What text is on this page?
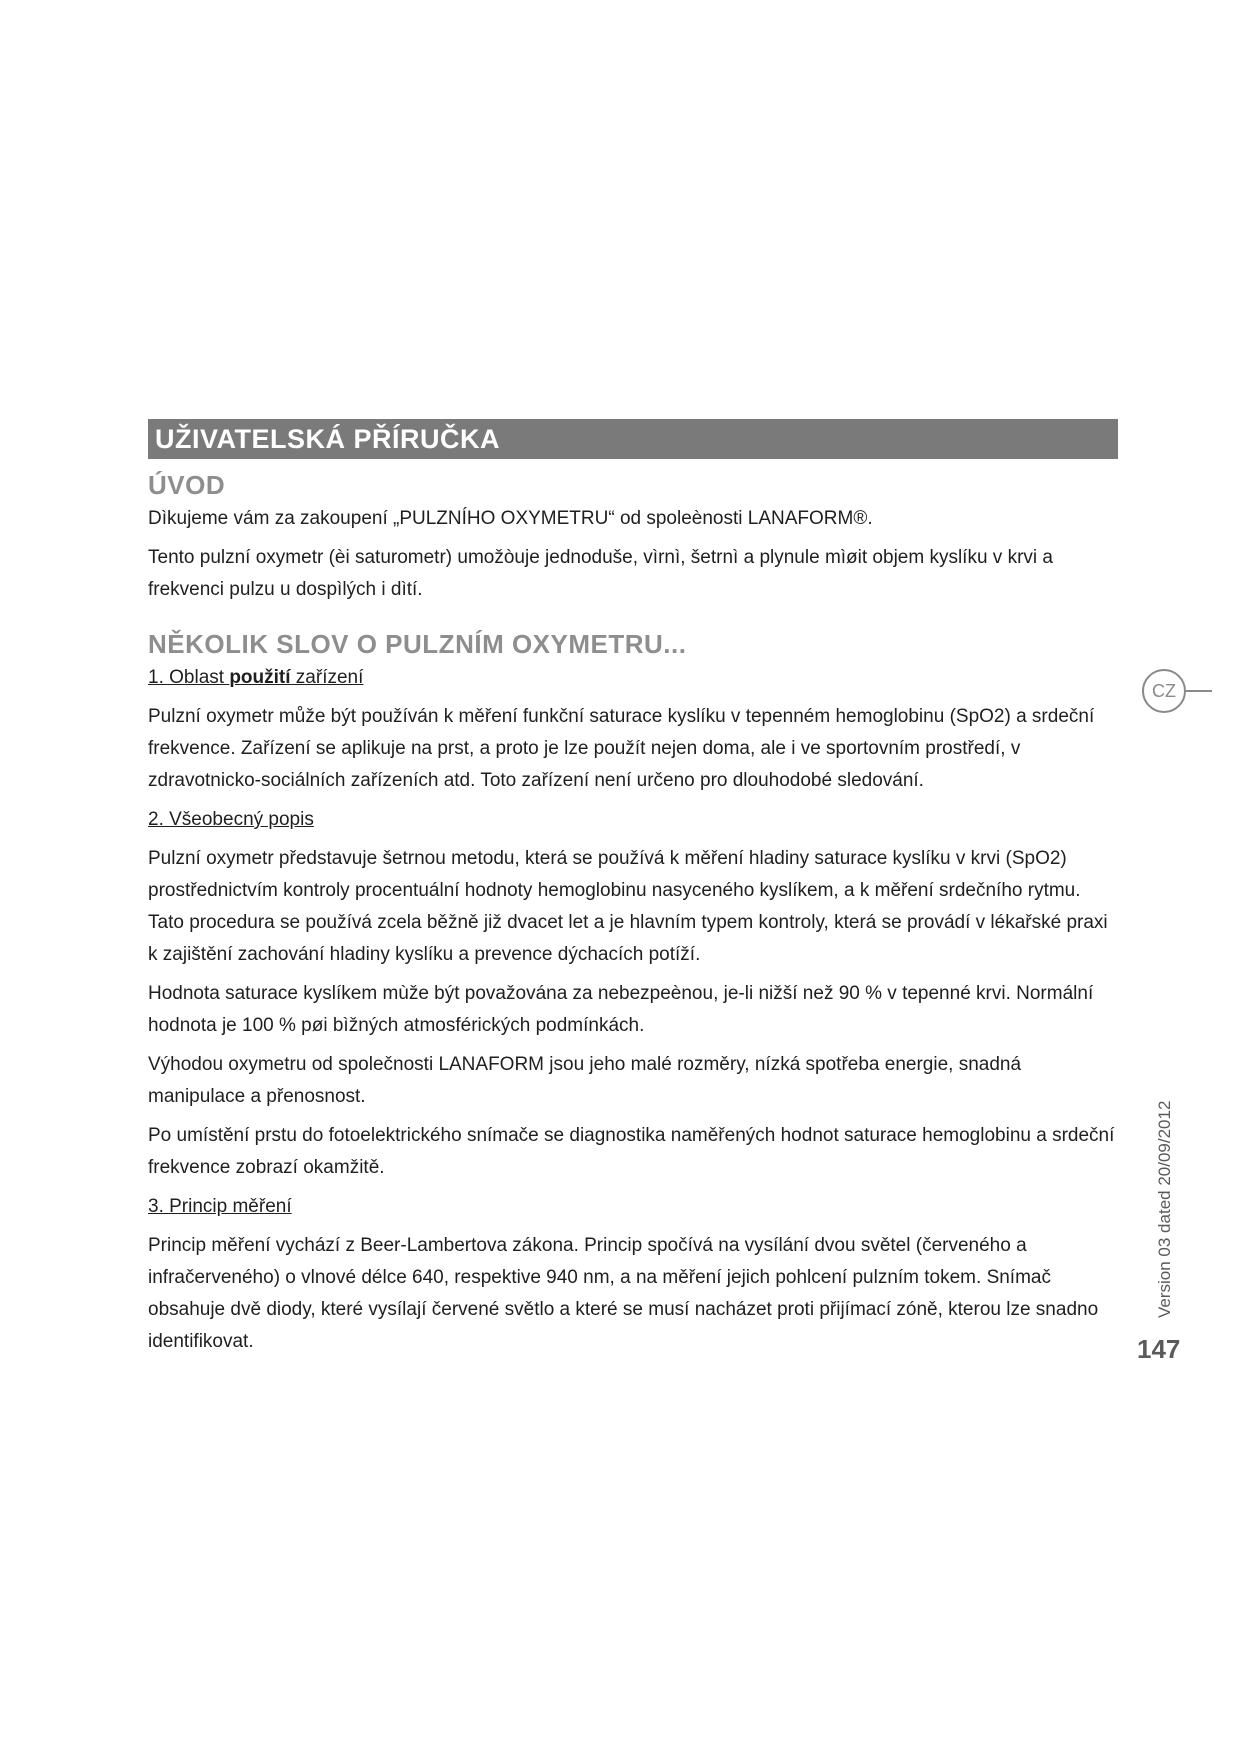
UŽIVATELSKÁ PŘÍRUČKA
ÚVOD

Dìkujeme vám za zakoupení „PULZNÍHO OXYMETRU“ od spoleènosti LANAFORM®.

Tento pulzní oxymetr (èi saturometr) umožòuje jednoduše, vìrnì, šetrnì a plynule mìøit objem kyslíku v krvi a frekvenci pulzu u dospìlých i dìtí.

NĚKOLIK SLOV O PULZNÍM OXYMETRU...
1. Oblast použití zařízení

Pulzní oxymetr může být používán k měření funkční saturace kyslíku v tepenném hemoglobinu (SpO2) a srdeční frekvence. Zařízení se aplikuje na prst, a proto je lze použít nejen doma, ale i ve sportovním prostředí, v zdravotnicko-sociálních zařízeních atd. Toto zařízení není určeno pro dlouhodobé sledování.

2. Všeobecný popis

Pulzní oxymetr představuje šetrnou metodu, která se používá k měření hladiny saturace kyslíku v krvi (SpO2) prostřednictvím kontroly procentuální hodnoty hemoglobinu nasyceného kyslíkem, a k měření srdečního rytmu. Tato procedura se používá zcela běžně již dvacet let a je hlavním typem kontroly, která se provádí v lékařské praxi k zajištění zachování hladiny kyslíku a prevence dýchacích potíží.

Hodnota saturace kyslíkem mùže být považována za nebezpeènou, je-li nižší než 90 % v tepenné krvi. Normální hodnota je 100 % pøi bìžných atmosférických podmínkách.

Výhodou oxymetru od společnosti LANAFORM jsou jeho malé rozměry, nízká spotřeba energie, snadná manipulace a přenosnost.

Po umístění prstu do fotoelektrického snímače se diagnostika naměřených hodnot saturace hemoglobinu a srdeční frekvence zobrazí okamžitě.

3. Princip měření

Princip měření vychází z Beer-Lambertova zákona. Princip spočívá na vysílání dvou světel (červeného a infračerveného) o vlnové délce 640, respektive 940 nm, a na měření jejich pohlcení pulzním tokem. Snímač obsahuje dvě diody, které vysílají červené světlo a které se musí nacházet proti přijímací zóně, kterou lze snadno identifikovat.

CZ
Version 03 dated 20/09/2012
147
